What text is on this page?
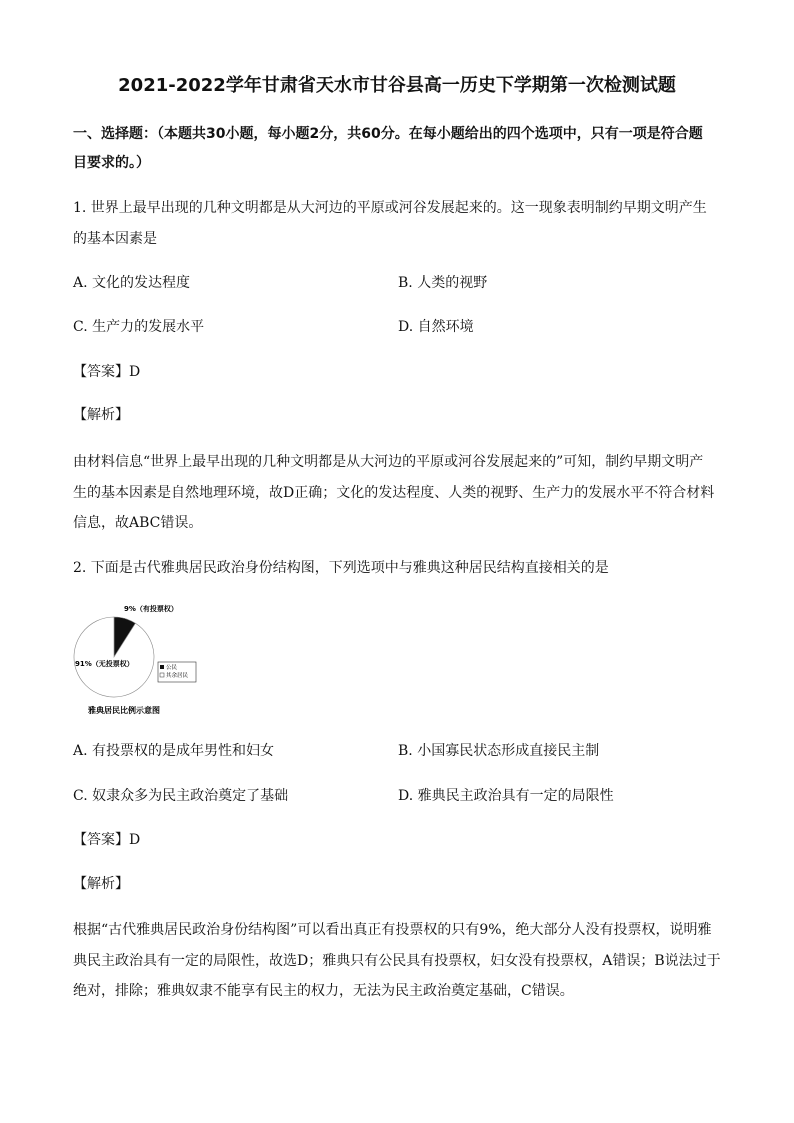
2021-2022学年甘肃省天水市甘谷县高一历史下学期第一次检测试题
一、选择题：（本题共30小题，每小题2分，共60分。在每小题给出的四个选项中，只有一项是符合题
目要求的。）
1. 世界上最早出现的几种文明都是从大河边的平原或河谷发展起来的。这一现象表明制约早期文明产生
的基本因素是
A. 文化的发达程度	B. 人类的视野
C. 生产力的发展水平	D. 自然环境
【答案】D
【解析】
由材料信息“世界上最早出现的几种文明都是从大河边的平原或河谷发展起来的”可知，制约早期文明产
生的基本因素是自然地理环境，故D正确；文化的发达程度、人类的视野、生产力的发展水平不符合材料
信息，故ABC错误。
2. 下面是古代雅典居民政治身份结构图，下列选项中与雅典这种居民结构直接相关的是
9%（有投票权）
91%（无投票权）	公民
其余居民
雅典居民比例示意图
A. 有投票权的是成年男性和妇女	B. 小国寡民状态形成直接民主制
C. 奴隶众多为民主政治奠定了基础	D. 雅典民主政治具有一定的局限性
【答案】D
【解析】
根据“古代雅典居民政治身份结构图”可以看出真正有投票权的只有9%，绝大部分人没有投票权，说明雅
典民主政治具有一定的局限性，故选D；雅典只有公民具有投票权，妇女没有投票权，A错误；B说法过于
绝对，排除；雅典奴隶不能享有民主的权力，无法为民主政治奠定基础，C错误。
